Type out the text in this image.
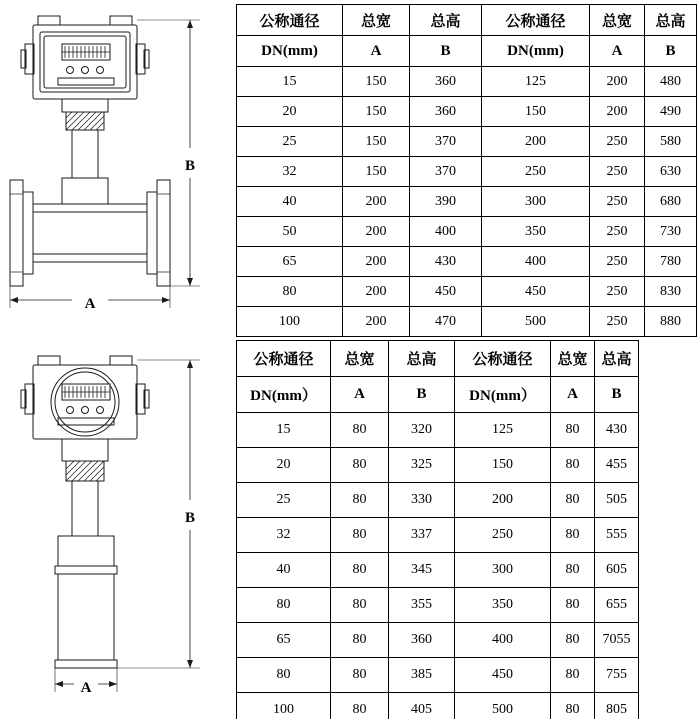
A
B
A
B
公称通径	总宽	总高	公称通径	总宽	总高
DN(mm)	A	B	DN(mm)	A	B
15	150	360	125	200	480
20	150	360	150	200	490
25	150	370	200	250	580
32	150	370	250	250	630
40	200	390	300	250	680
50	200	400	350	250	730
65	200	430	400	250	780
80	200	450	450	250	830
100	200	470	500	250	880
公称通径	总宽	总高	公称通径	总宽	总高
DN(mm）	A	B	DN(mm）	A	B
15	80	320	125	80	430
20	80	325	150	80	455
25	80	330	200	80	505
32	80	337	250	80	555
40	80	345	300	80	605
80	80	355	350	80	655
65	80	360	400	80	7055
80	80	385	450	80	755
100	80	405	500	80	805
